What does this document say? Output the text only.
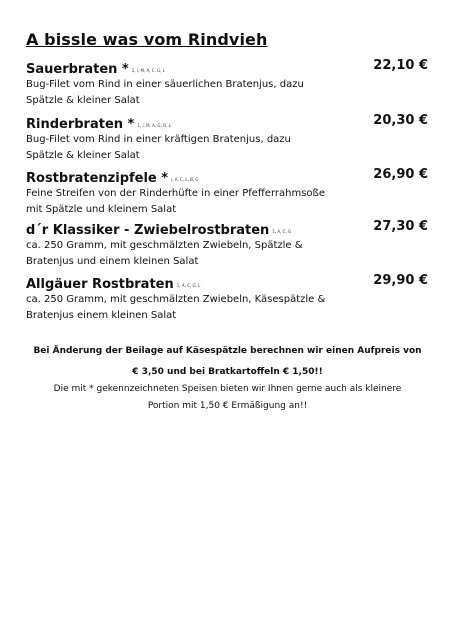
A bissle was vom Rindvieh
Sauerbraten * 1, i, M, A, C, G, L	22,10 €
Bug-Filet vom Rind in einer säuerlichen Bratenjus, dazu
Spätzle & kleiner Salat
Rinderbraten * 1, i, M, A, G, O, L	20,30 €
Bug-Filet vom Rind in einer kräftigen Bratenjus, dazu
Spätzle & kleiner Salat
Rostbratenzipfele * i, A, C, L, B, G	26,90 €
Feine Streifen von der Rinderhüfte in einer Pfefferrahmsoße
mit Spätzle und kleinem Salat
d´r Klassiker - Zwiebelrostbraten 1, A, C, G	27,30 €
ca. 250 Gramm, mit geschmälzten Zwiebeln, Spätzle &
Bratenjus und einem kleinen Salat
Allgäuer Rostbraten 1, A, C, G, L	29,90 €
ca. 250 Gramm, mit geschmälzten Zwiebeln, Käsespätzle &
Bratenjus einem kleinen Salat
Bei Änderung der Beilage auf Käsespätzle berechnen wir einen Aufpreis von
€ 3,50 und bei Bratkartoffeln € 1,50!!
Die mit * gekennzeichneten Speisen bieten wir Ihnen gerne auch als kleinere
Portion mit 1,50 € Ermäßigung an!!
